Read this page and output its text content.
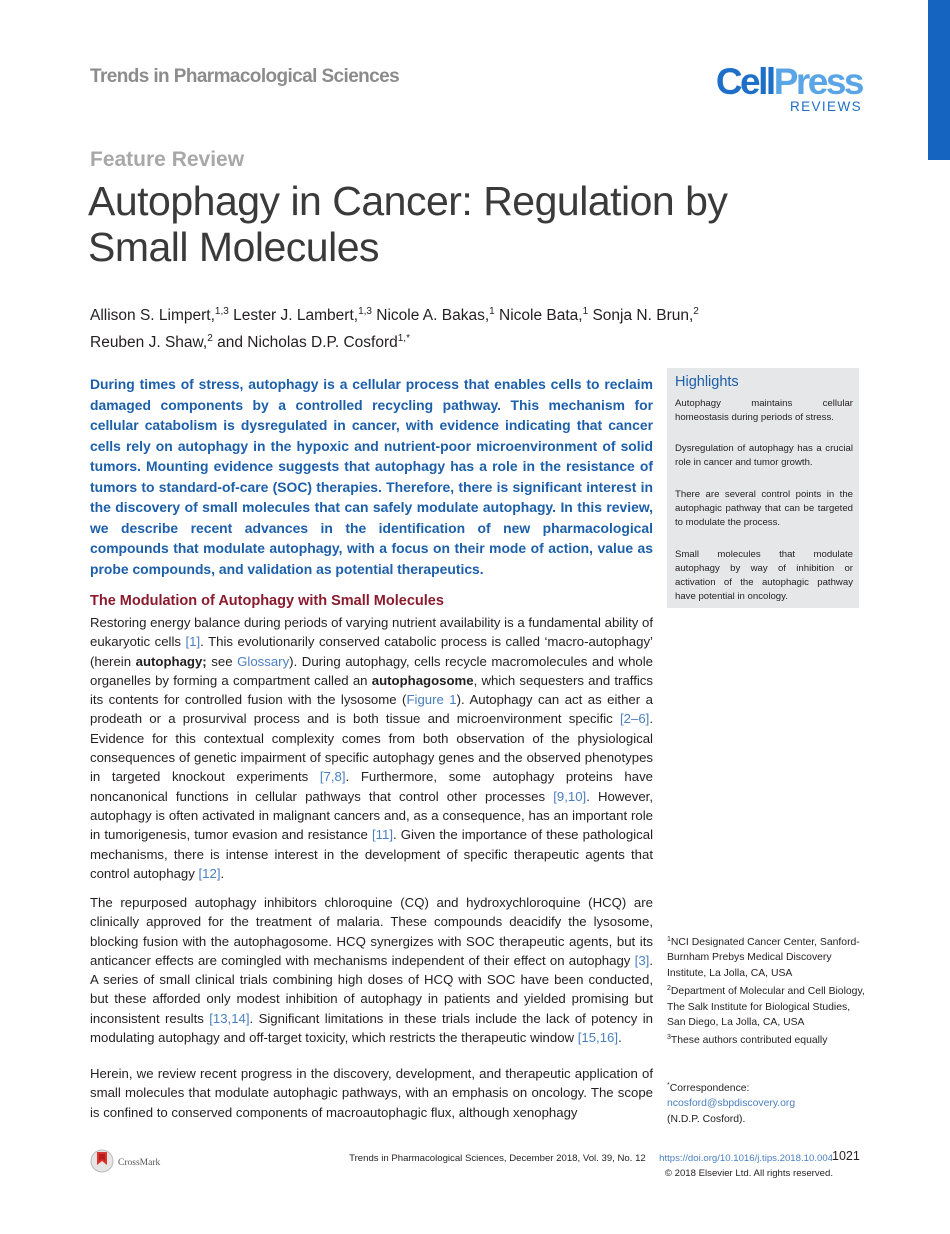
Trends in Pharmacological Sciences	CellPress
REVIEWS
Feature Review
Autophagy in Cancer: Regulation by Small Molecules
Allison S. Limpert,$^{1,3}$ Lester J. Lambert,$^{1,3}$ Nicole A. Bakas,$^1$ Nicole Bata,$^1$ Sonja N. Brun,$^2$
Reuben J. Shaw,$^2$ and Nicholas D.P. Cosford$^{1,*}$
During times of stress, autophagy is a cellular process that enables cells to reclaim damaged components by a controlled recycling pathway. This mechanism for cellular catabolism is dysregulated in cancer, with evidence indicating that cancer cells rely on autophagy in the hypoxic and nutrient-poor microenvironment of solid tumors. Mounting evidence suggests that autophagy has a role in the resistance of tumors to standard-of-care (SOC) therapies. Therefore, there is significant interest in the discovery of small molecules that can safely modulate autophagy. In this review, we describe recent advances in the identification of new pharmacological compounds that modulate autophagy, with a focus on their mode of action, value as probe compounds, and validation as potential therapeutics.
Highlights
Autophagy maintains cellular homeostasis during periods of stress.
Dysregulation of autophagy has a crucial role in cancer and tumor growth.
There are several control points in the autophagic pathway that can be targeted to modulate the process.
Small molecules that modulate autophagy by way of inhibition or activation of the autophagic pathway have potential in oncology.
The Modulation of Autophagy with Small Molecules

Restoring energy balance during periods of varying nutrient availability is a fundamental ability of eukaryotic cells [1]. This evolutionarily conserved catabolic process is called ‘macro-autophagy’ (herein autophagy; see Glossary). During autophagy, cells recycle macromolecules and whole organelles by forming a compartment called an autophagosome, which sequesters and traffics its contents for controlled fusion with the lysosome (Figure 1). Autophagy can act as either a prodeath or a prosurvival process and is both tissue and microenvironment specific [2–6]. Evidence for this contextual complexity comes from both observation of the physiological consequences of genetic impairment of specific autophagy genes and the observed phenotypes in targeted knockout experiments [7,8]. Furthermore, some autophagy proteins have noncanonical functions in cellular pathways that control other processes [9,10]. However, autophagy is often activated in malignant cancers and, as a consequence, has an important role in tumorigenesis, tumor evasion and resistance [11]. Given the importance of these pathological mechanisms, there is intense interest in the development of specific therapeutic agents that control autophagy [12].

The repurposed autophagy inhibitors chloroquine (CQ) and hydroxychloroquine (HCQ) are clinically approved for the treatment of malaria. These compounds deacidify the lysosome, blocking fusion with the autophagosome. HCQ synergizes with SOC therapeutic agents, but its anticancer effects are comingled with mechanisms independent of their effect on autophagy [3]. A series of small clinical trials combining high doses of HCQ with SOC have been conducted, but these afforded only modest inhibition of autophagy in patients and yielded promising but inconsistent results [13,14]. Significant limitations in these trials include the lack of potency in modulating autophagy and off-target toxicity, which restricts the therapeutic window [15,16].

Herein, we review recent progress in the discovery, development, and therapeutic application of small molecules that modulate autophagic pathways, with an emphasis on oncology. The scope is confined to conserved components of macroautophagic flux, although xenophagy

$^1$NCI Designated Cancer Center, Sanford-Burnham Prebys Medical Discovery Institute, La Jolla, CA, USA
$^2$Department of Molecular and Cell Biology, The Salk Institute for Biological Studies, San Diego, La Jolla, CA, USA
$^3$These authors contributed equally
*Correspondence:
ncosford@sbpdiscovery.org
(N.D.P. Cosford).
CrossMark	Trends in Pharmacological Sciences, December 2018, Vol. 39, No. 12 https://doi.org/10.1016/j.tips.2018.10.004
© 2018 Elsevier Ltd. All rights reserved.
1021
